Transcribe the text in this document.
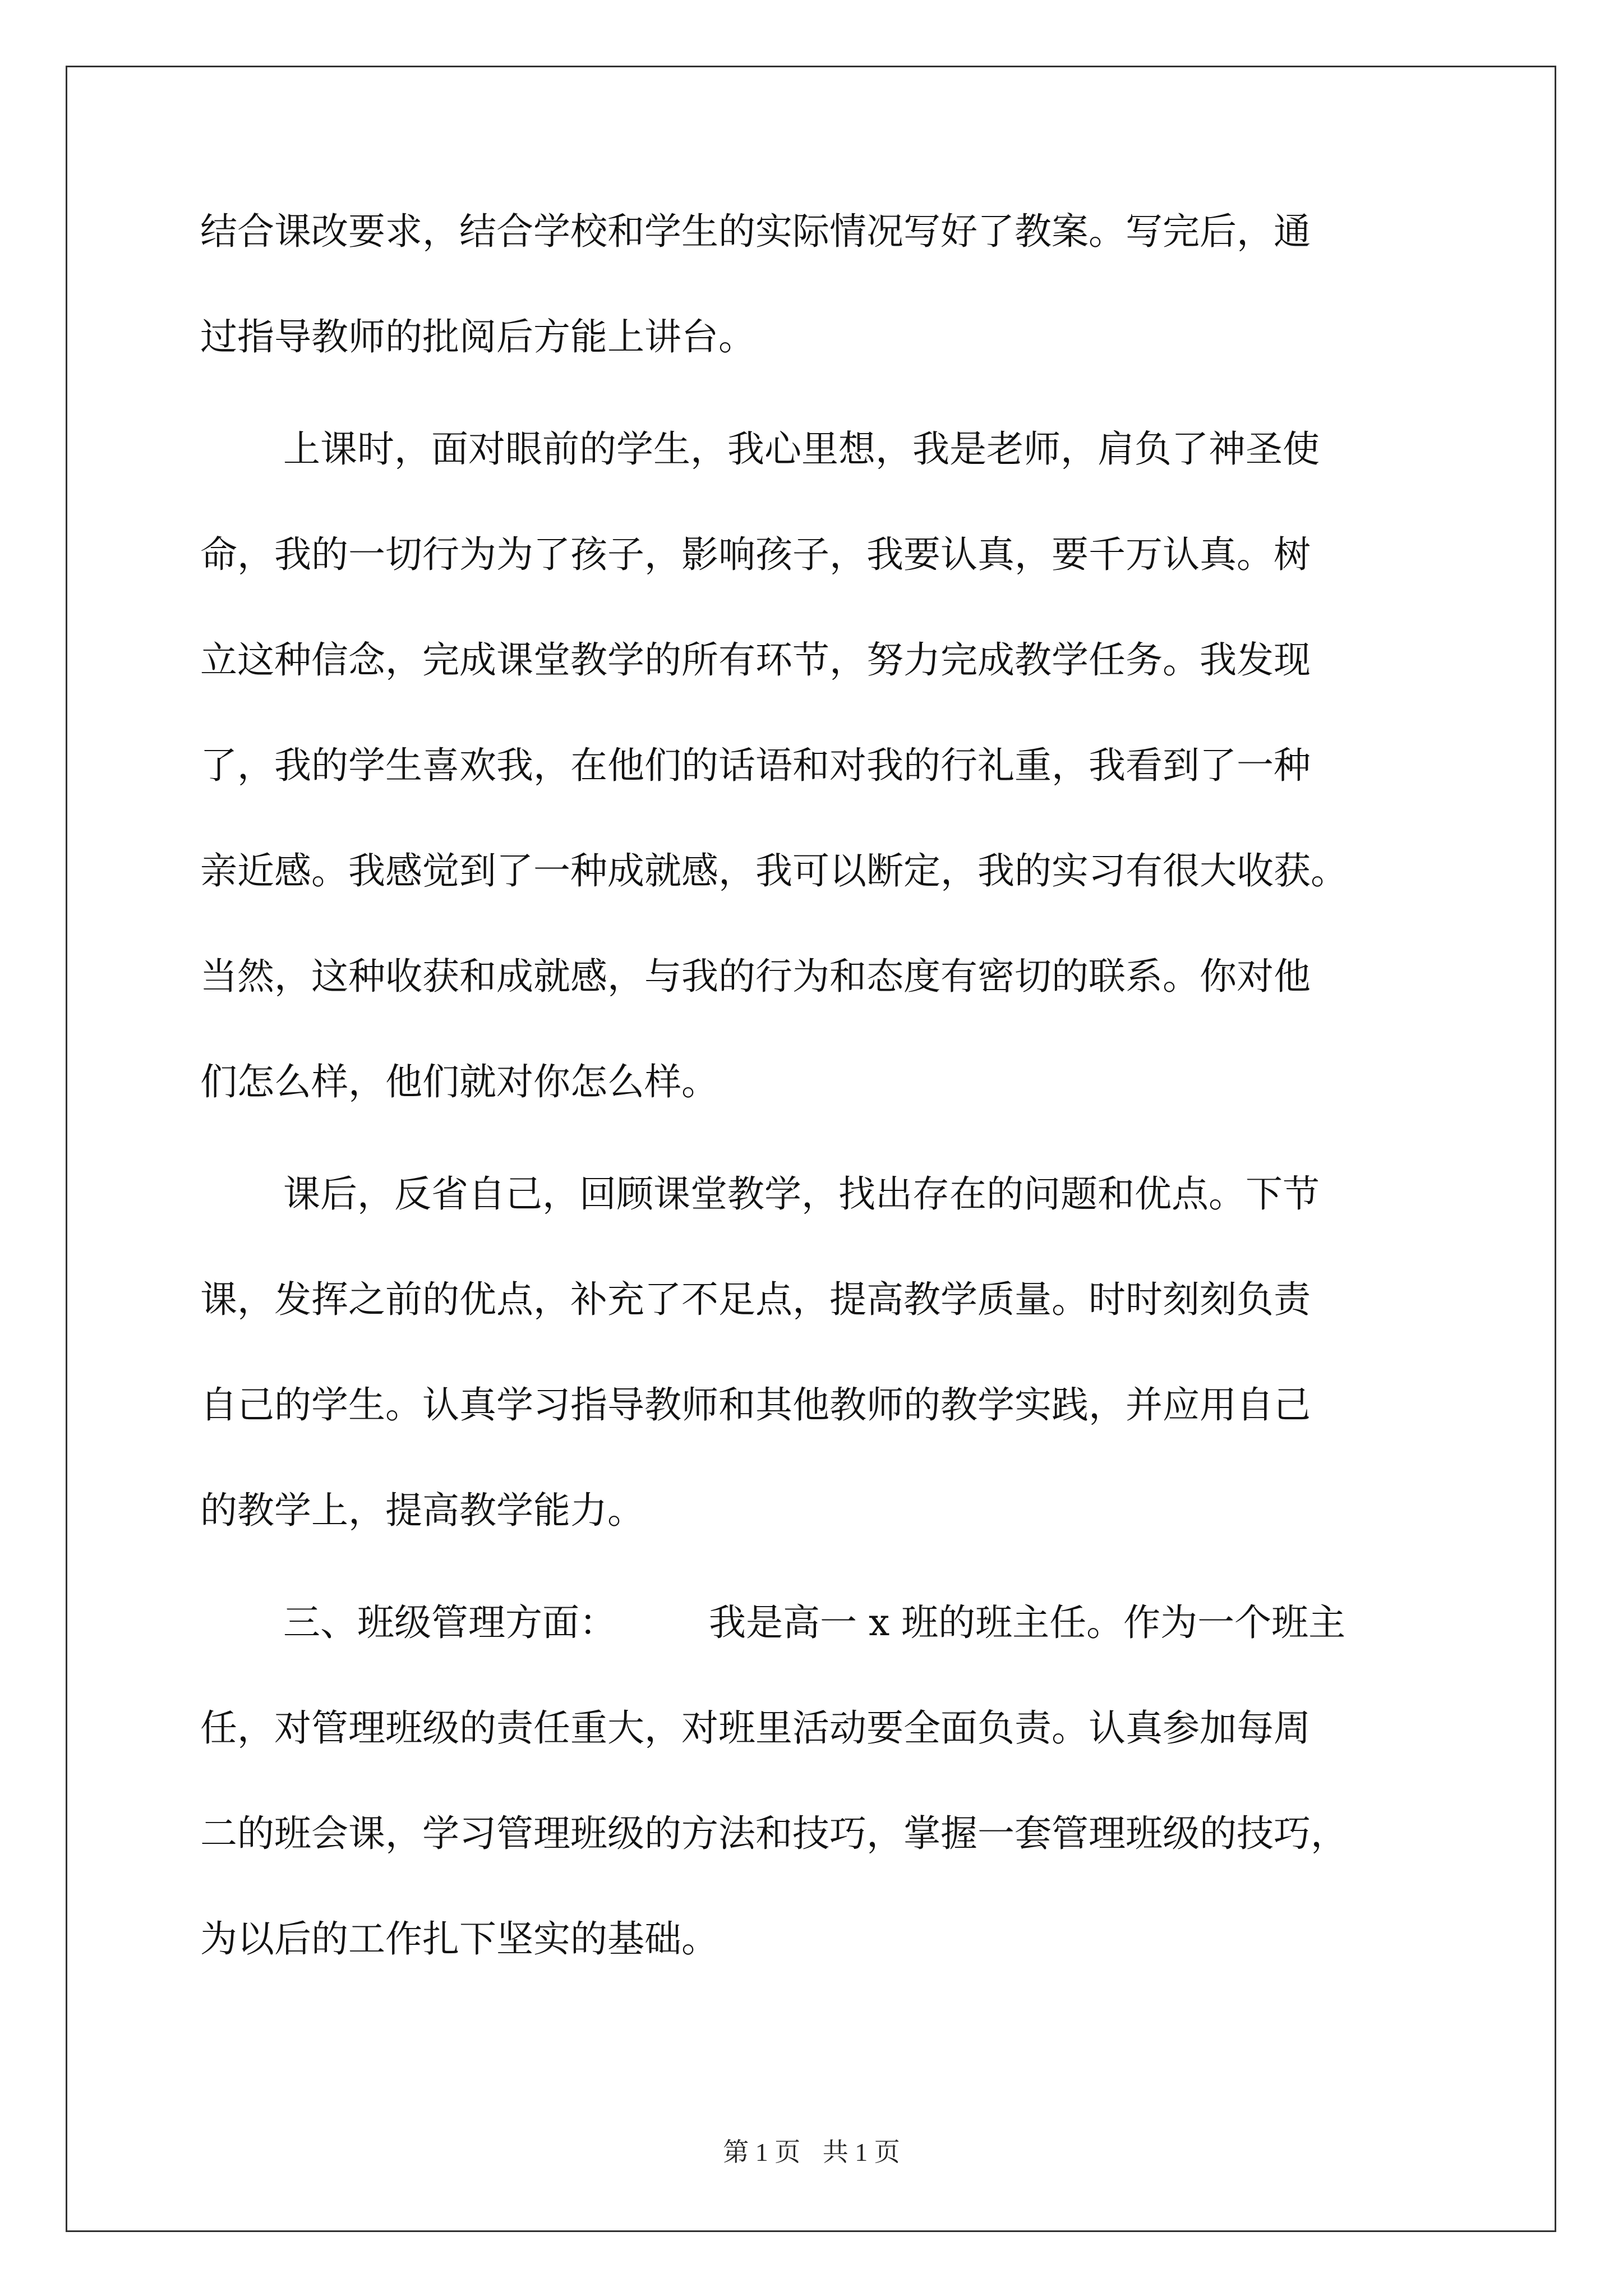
结合课改要求，结合学校和学生的实际情况写好了教案。写完后，通
过指导教师的批阅后方能上讲台。
上课时，面对眼前的学生，我心里想，我是老师，肩负了神圣使
命，我的一切行为为了孩子，影响孩子，我要认真，要千万认真。树
立这种信念，完成课堂教学的所有环节，努力完成教学任务。我发现
了，我的学生喜欢我，在他们的话语和对我的行礼重，我看到了一种
亲近感。我感觉到了一种成就感，我可以断定，我的实习有很大收获。
当然，这种收获和成就感，与我的行为和态度有密切的联系。你对他
们怎么样，他们就对你怎么样。
课后，反省自己，回顾课堂教学，找出存在的问题和优点。下节
课，发挥之前的优点，补充了不足点，提高教学质量。时时刻刻负责
自己的学生。认真学习指导教师和其他教师的教学实践，并应用自己
的教学上，提高教学能力。
三、班级管理方面：　　　我是高一 x 班的班主任。作为一个班主
任，对管理班级的责任重大，对班里活动要全面负责。认真参加每周
二的班会课，学习管理班级的方法和技巧，掌握一套管理班级的技巧，
为以后的工作扎下坚实的基础。
第 1 页 共 1 页
